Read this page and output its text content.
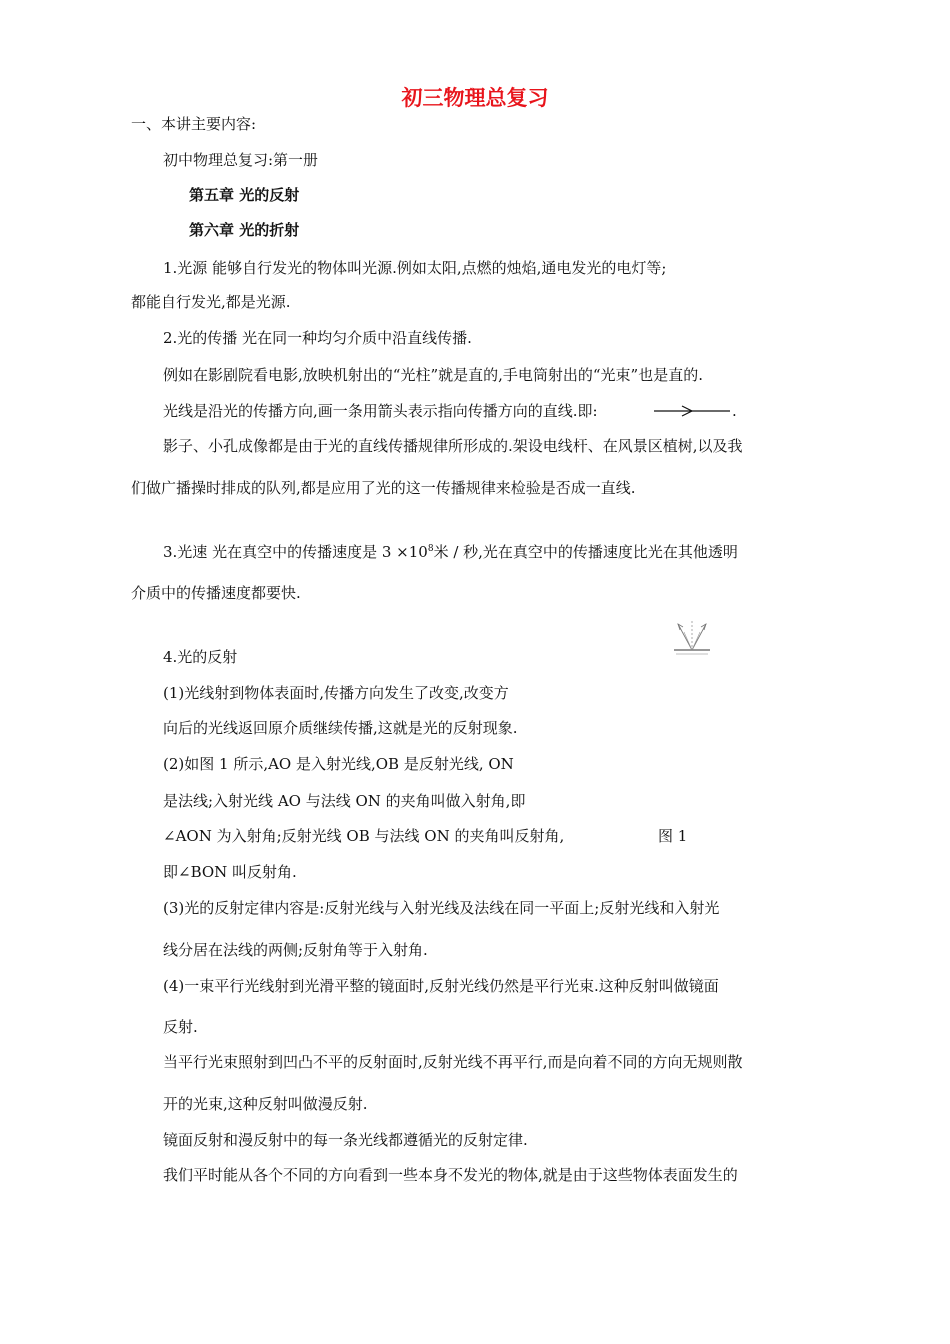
初三物理总复习
一、本讲主要内容:
初中物理总复习:第一册
第五章 光的反射
第六章 光的折射
1.光源 能够自行发光的物体叫光源.例如太阳,点燃的烛焰,通电发光的电灯等;
都能自行发光,都是光源.
2.光的传播 光在同一种均匀介质中沿直线传播.
例如在影剧院看电影,放映机射出的“光柱”就是直的,手电筒射出的“光束”也是直的.
光线是沿光的传播方向,画一条用箭头表示指向传播方向的直线.即:	.
影子、小孔成像都是由于光的直线传播规律所形成的.架设电线杆、在风景区植树,以及我
们做广播操时排成的队列,都是应用了光的这一传播规律来检验是否成一直线.
3.光速 光在真空中的传播速度是 $3 \times 10^8$米 / 秒,光在真空中的传播速度比光在其他透明
介质中的传播速度都要快.
4.光的反射
(1)光线射到物体表面时,传播方向发生了改变,改变方
向后的光线返回原介质继续传播,这就是光的反射现象.
(2)如图 1 所示,AO 是入射光线,OB 是反射光线, ON
是法线;入射光线 AO 与法线 ON 的夹角叫做入射角,即
∠AON 为入射角;反射光线 OB 与法线 ON 的夹角叫反射角,	图 1
即∠BON 叫反射角.
(3)光的反射定律内容是:反射光线与入射光线及法线在同一平面上;反射光线和入射光
线分居在法线的两侧;反射角等于入射角.
(4)一束平行光线射到光滑平整的镜面时,反射光线仍然是平行光束.这种反射叫做镜面
反射.
当平行光束照射到凹凸不平的反射面时,反射光线不再平行,而是向着不同的方向无规则散
开的光束,这种反射叫做漫反射.
镜面反射和漫反射中的每一条光线都遵循光的反射定律.
我们平时能从各个不同的方向看到一些本身不发光的物体,就是由于这些物体表面发生的
